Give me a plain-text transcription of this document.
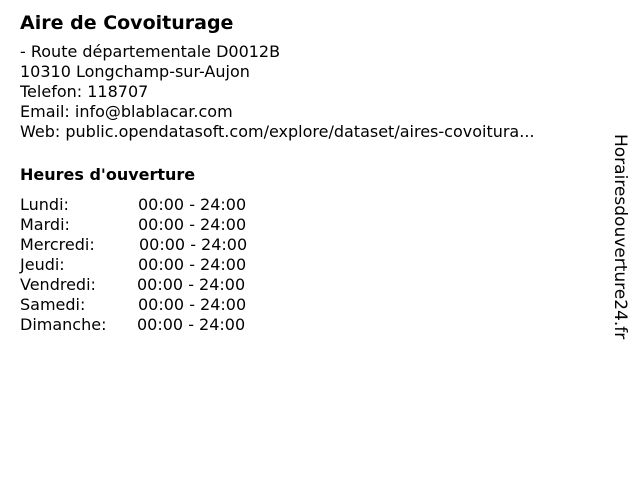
Aire de Covoiturage
- Route départementale D0012B
10310 Longchamp-sur-Aujon
Telefon: 118707
Email: info@blablacar.com
Web: public.opendatasoft.com/explore/dataset/aires-covoitura...
Heures d'ouverture
Lundi:	00:00 - 24:00
Mardi:	00:00 - 24:00
Mercredi:	00:00 - 24:00
Jeudi:	00:00 - 24:00
Vendredi:	00:00 - 24:00
Samedi:	00:00 - 24:00
Dimanche: 00:00 - 24:00	Horairesdouverture24.fr
